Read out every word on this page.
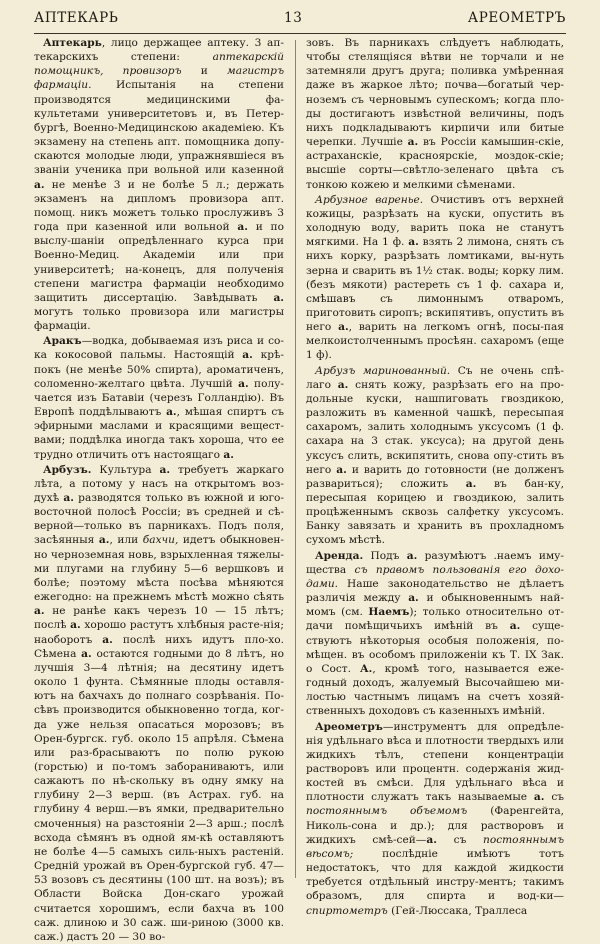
АПТЕКАРЬ	13	АРЕОМЕТРЪ

Аптекарь, лицо держащее аптеку. 3 ап-текарскихъ степени: аптекарскій помощникъ, провизоръ и магистръ фармаціи. Испытанія на степени производятся медицинскими фа-культетами университетовъ и, въ Петер-бургѣ, Военно-Медицинскою академіею. Къ экзамену на степень апт. помощника допу-скаются молодые люди, упражнявшіеся въ званіи ученика при вольной или казенной а. не менѣе 3 и не болѣе 5 л.; держать экзаменъ на дипломъ провизора апт. помощ. никъ можетъ только прослуживъ 3 года при казенной или вольной а. и по выслу-шаніи опредѣленнаго курса при Военно-Медиц. Академіи или при университетѣ; на-конецъ, для полученія степени магистра фармаціи необходимо защитить диссертацію. Завѣдывать а. могутъ только провизора или магистры фармаціи.

Аракъ—водка, добываемая изъ риса и со-ка кокосовой пальмы. Настоящій а. крѣ-покъ (не менѣе 50% спирта), ароматиченъ, соломенно-желтаго цвѣта. Лучшій а. полу-чается изъ Батавіи (черезъ Голландію). Въ Европѣ поддѣлываютъ а., мѣшая спиртъ съ эфирными маслами и красящими вещест-вами; поддѣлка иногда такъ хороша, что ее трудно отличить отъ настоящаго а.

Арбузъ. Культура а. требуетъ жаркаго лѣта, а потому у насъ на открытомъ воз-духѣ а. разводятся только въ южной и юго-восточной полосѣ Россіи; въ средней и сѣ-верной—только въ парникахъ. Подъ поля, засѣянныя а., или бахчи, идетъ обыкновен-но черноземная новь, взрыхленная тяжелы-ми плугами на глубину 5—6 вершковъ и болѣе; поэтому мѣста посѣва мѣняются ежегодно: на прежнемъ мѣстѣ можно сѣять а. не ранѣе какъ черезъ 10 — 15 лѣтъ; послѣ а. хорошо растутъ хлѣбныя расте-нія; наоборотъ а. послѣ нихъ идутъ пло-хо. Сѣмена а. остаются годными до 8 лѣтъ, но лучшія 3—4 лѣтнія; на десятину идетъ около 1 фунта. Сѣмянные плоды оставля-ютъ на бахчахъ до полнаго созрѣванія. По-сѣвъ производится обыкновенно тогда, ког-да уже нельзя опасаться морозовъ; въ Орен-бургск. губ. около 15 апрѣля. Сѣмена или раз-брасываютъ по полю рукою (горстью) и по-томъ забораниваютъ, или сажаютъ по нѣ-скольку въ одну ямку на глубину 2—3 верш. (въ Астрах. губ. на глубину 4 верш.—въ ямки, предварительно смоченныя) на разстояніи 2—3 арш.; послѣ всхода сѣмянъ въ одной ям-кѣ оставляютъ не болѣе 4—5 самыхъ силь-ныхъ растеній. Средній урожай въ Орен-бургской губ. 47—53 возовъ съ десятины (100 шт. на возъ); въ Области Войска Дон-скаго урожай считается хорошимъ, если бахча въ 100 саж. длиною и 30 саж. ши-риною (3000 кв. саж.) дастъ 20 — 30 во-

зовъ. Въ парникахъ слѣдуетъ наблюдать, чтобы стелящіяся вѣтви не торчали и не затемняли другъ друга; поливка умѣренная даже въ жаркое лѣто; почва—богатый чер-ноземъ съ черновымъ супескомъ; когда пло-ды достигаютъ извѣстной величины, подъ нихъ подкладываютъ кирпичи или битые черепки. Лучшіе а. въ Россіи камышин-скіе, астраханскіе, красноярскіе, моздок-скіе; высшіе сорты—свѣтло-зеленаго цвѣта съ тонкою кожею и мелкими сѣменами.

Арбузное вареньe. Очистивъ отъ верхней кожицы, разрѣзать на куски, опустить въ холодную воду, варить пока не станутъ мягкими. На 1 ф. а. взять 2 лимона, снять съ нихъ корку, разрѣзать ломтиками, вы-нуть зерна и сварить въ 1½ стак. воды; корку лим. (безъ мякоти) растереть съ 1 ф. сахара и, смѣшавъ съ лимоннымъ отваромъ, приготовить сиропъ; вскипятивъ, опустить въ него а., варить на легкомъ огнѣ, посы-пая мелкоистолченнымъ просѣян. сахаромъ (еще 1 ф).

Арбузъ маринованный. Съ не очень спѣ-лаго а. снять кожу, разрѣзать его на про-дольные куски, нашпиговать гвоздикою, разложить въ каменной чашкѣ, пересыпая сахаромъ, залить холоднымъ уксусомъ (1 ф. сахара на 3 стак. уксуса); на другой день уксусъ слить, вскипятить, снова опу-стить въ него а. и варить до готовности (не долженъ развариться); сложить а. въ бан-ку, пересыпая корицею и гвоздикою, залить процѣженнымъ сквозь салфетку уксусомъ. Банку завязать и хранить въ прохладномъ сухомъ мѣстѣ.

Аренда. Подъ а. разумѣютъ .наемъ иму-щества съ правомъ пользованія его дохо-дами. Наше законодательство не дѣлаетъ различія между а. и обыкновеннымъ най-момъ (см. Наемъ); только относительно от-дачи помѣщичьихъ имѣній въ а. суще-ствуютъ нѣкоторыя особыя положенія, по-мѣщен. въ особомъ приложеніи къ Т. IX Зак. о Сост. А., кромѣ того, называется еже-годный доходъ, жалуемый Высочайшею ми-лостью частнымъ лицамъ на счетъ хозяй-ственныхъ доходовъ съ казенныхъ имѣній.

Ареометръ—инструментъ для опредѣле-нія удѣльнаго вѣса и плотности твердыхъ или жидкихъ тѣлъ, степени концентраціи растворовъ или процентн. содержанія жид-костей въ смѣси. Для удѣльнаго вѣса и плотности служатъ такъ называемые а. съ постояннымъ объемомъ (Фаренгейта, Николь-сона и др.); для растворовъ и жидкихъ смѣ-сей—а. съ постояннымъ вѣсомъ; послѣдніе имѣютъ тотъ недостатокъ, что для каждой жидкости требуется отдѣльный инстру-ментъ; такимъ образомъ, для спирта и вод-ки—спиртометръ (Гей-Люссака, Траллеса
